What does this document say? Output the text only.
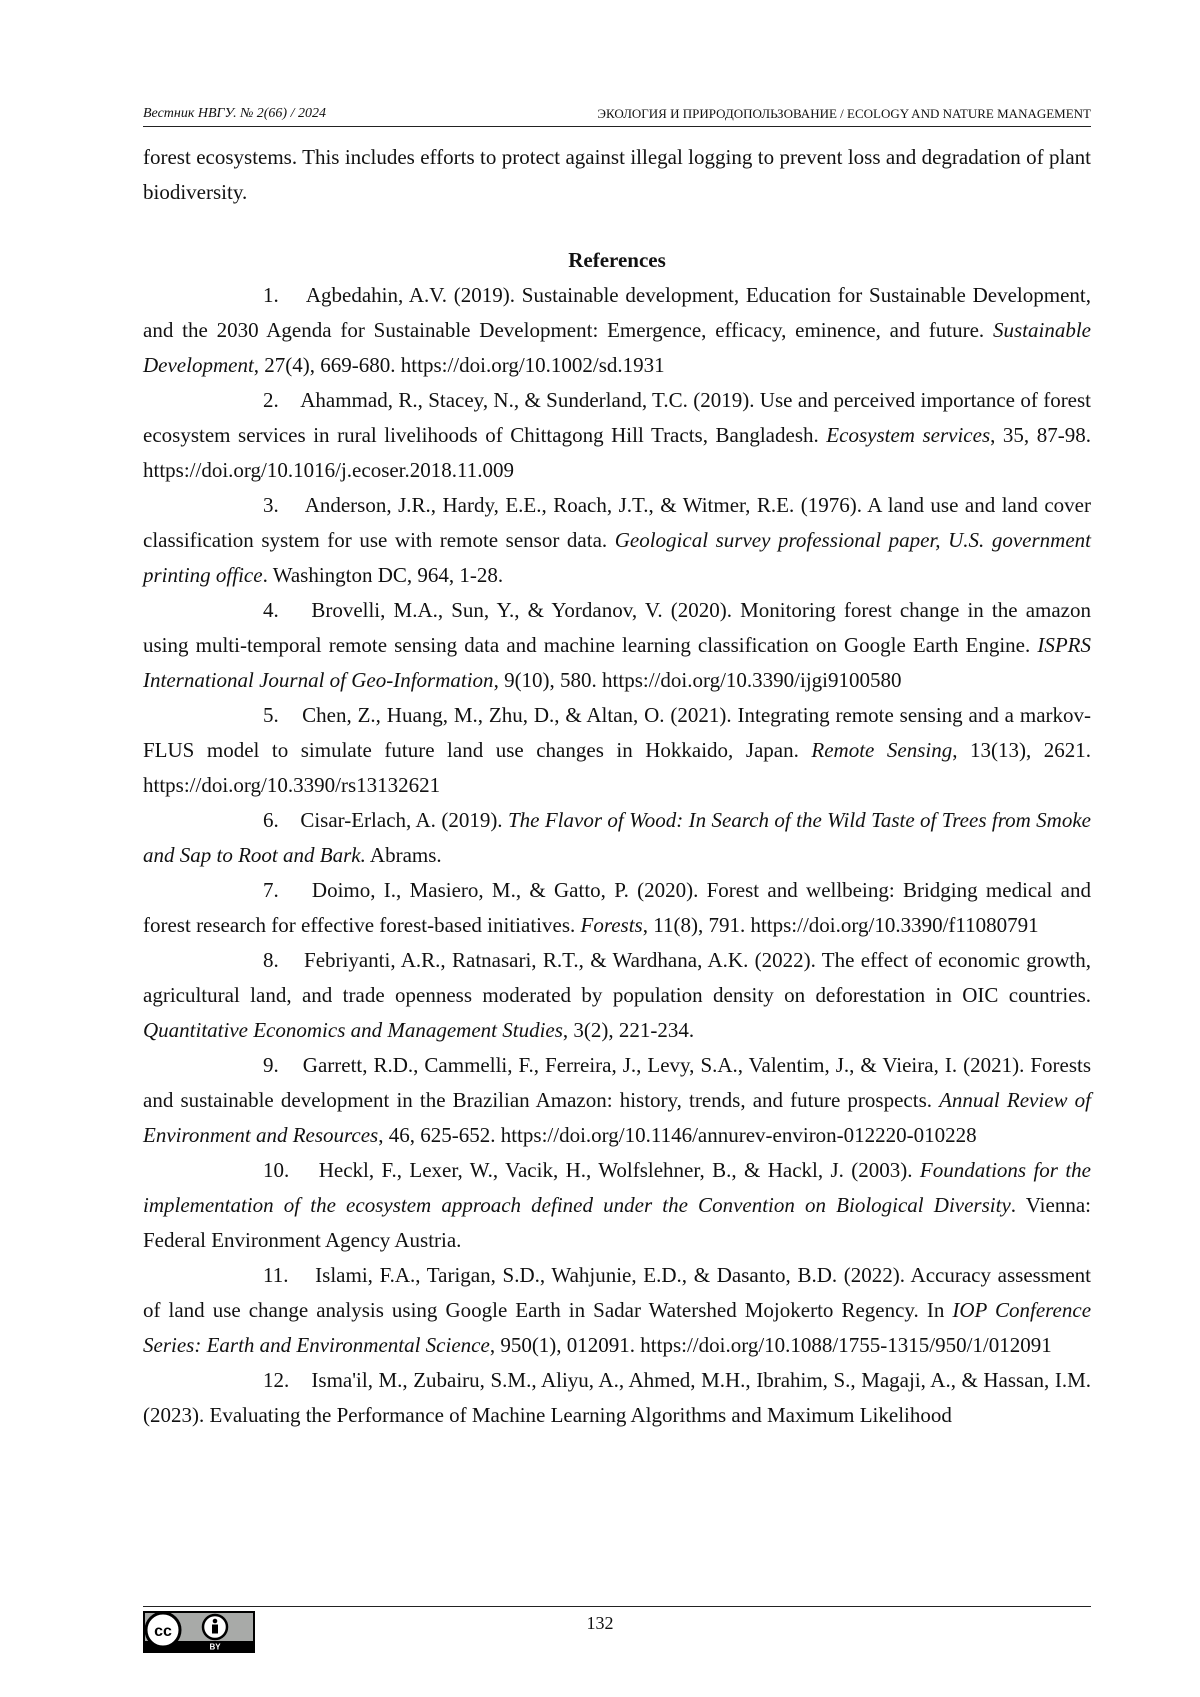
Вестник НВГУ. № 2(66) / 2024	ЭКОЛОГИЯ И ПРИРОДОПОЛЬЗОВАНИЕ / ECOLOGY AND NATURE MANAGEMENT

forest ecosystems. This includes efforts to protect against illegal logging to prevent loss and degradation of plant biodiversity.

References

1. Agbedahin, A.V. (2019). Sustainable development, Education for Sustainable Development, and the 2030 Agenda for Sustainable Development: Emergence, efficacy, eminence, and future. Sustainable Development, 27(4), 669-680. https://doi.org/10.1002/sd.1931

2. Ahammad, R., Stacey, N., & Sunderland, T.C. (2019). Use and perceived importance of forest ecosystem services in rural livelihoods of Chittagong Hill Tracts, Bangladesh. Ecosystem services, 35, 87-98. https://doi.org/10.1016/j.ecoser.2018.11.009

3. Anderson, J.R., Hardy, E.E., Roach, J.T., & Witmer, R.E. (1976). A land use and land cover classification system for use with remote sensor data. Geological survey professional paper, U.S. government printing office. Washington DC, 964, 1-28.

4. Brovelli, M.A., Sun, Y., & Yordanov, V. (2020). Monitoring forest change in the amazon using multi-temporal remote sensing data and machine learning classification on Google Earth Engine. ISPRS International Journal of Geo-Information, 9(10), 580. https://doi.org/10.3390/ijgi9100580

5. Chen, Z., Huang, M., Zhu, D., & Altan, O. (2021). Integrating remote sensing and a markov-FLUS model to simulate future land use changes in Hokkaido, Japan. Remote Sensing, 13(13), 2621. https://doi.org/10.3390/rs13132621

6. Cisar-Erlach, A. (2019). The Flavor of Wood: In Search of the Wild Taste of Trees from Smoke and Sap to Root and Bark. Abrams.

7. Doimo, I., Masiero, M., & Gatto, P. (2020). Forest and wellbeing: Bridging medical and forest research for effective forest-based initiatives. Forests, 11(8), 791. https://doi.org/10.3390/f11080791

8. Febriyanti, A.R., Ratnasari, R.T., & Wardhana, A.K. (2022). The effect of economic growth, agricultural land, and trade openness moderated by population density on deforestation in OIC countries. Quantitative Economics and Management Studies, 3(2), 221-234.

9. Garrett, R.D., Cammelli, F., Ferreira, J., Levy, S.A., Valentim, J., & Vieira, I. (2021). Forests and sustainable development in the Brazilian Amazon: history, trends, and future prospects. Annual Review of Environment and Resources, 46, 625-652. https://doi.org/10.1146/annurev-environ-012220-010228

10. Heckl, F., Lexer, W., Vacik, H., Wolfslehner, B., & Hackl, J. (2003). Foundations for the implementation of the ecosystem approach defined under the Convention on Biological Diversity. Vienna: Federal Environment Agency Austria.

11. Islami, F.A., Tarigan, S.D., Wahjunie, E.D., & Dasanto, B.D. (2022). Accuracy assessment of land use change analysis using Google Earth in Sadar Watershed Mojokerto Regency. In IOP Conference Series: Earth and Environmental Science, 950(1), 012091. https://doi.org/10.1088/1755-1315/950/1/012091

12. Isma'il, M., Zubairu, S.M., Aliyu, A., Ahmed, M.H., Ibrahim, S., Magaji, A., & Hassan, I.M. (2023). Evaluating the Performance of Machine Learning Algorithms and Maximum Likelihood

cc
BY
132
